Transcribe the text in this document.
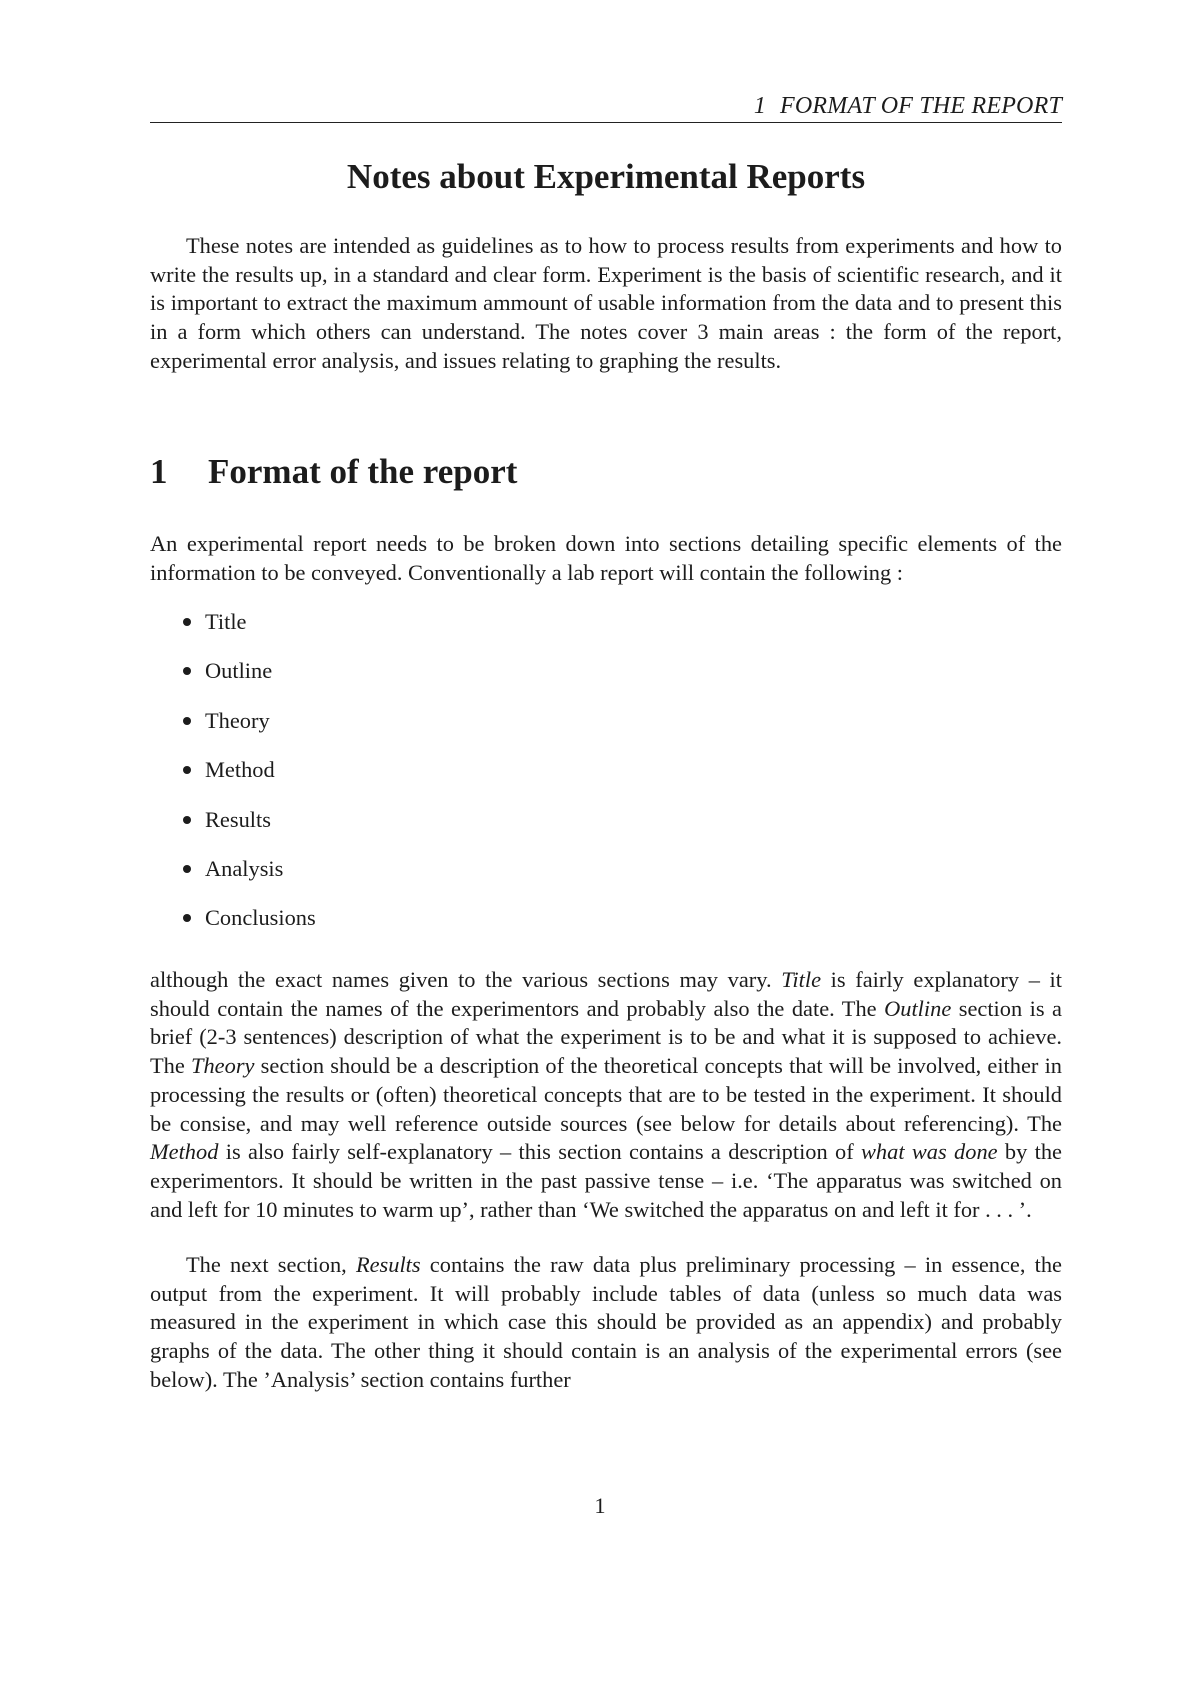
1 FORMAT OF THE REPORT
Notes about Experimental Reports

These notes are intended as guidelines as to how to process results from experiments and how to write the results up, in a standard and clear form. Experiment is the basis of scientific research, and it is important to extract the maximum ammount of usable information from the data and to present this in a form which others can understand. The notes cover 3 main areas : the form of the report, experimental error analysis, and issues relating to graphing the results.

1 Format of the report

An experimental report needs to be broken down into sections detailing specific elements of the information to be conveyed. Conventionally a lab report will contain the following :

Title
Outline
Theory
Method
Results
Analysis
Conclusions

although the exact names given to the various sections may vary. Title is fairly explanatory – it should contain the names of the experimentors and probably also the date. The Outline section is a brief (2-3 sentences) description of what the experiment is to be and what it is supposed to achieve. The Theory section should be a description of the theoretical concepts that will be involved, either in processing the results or (often) theoretical concepts that are to be tested in the experiment. It should be consise, and may well reference outside sources (see below for details about referencing). The Method is also fairly self-explanatory – this section contains a description of what was done by the experimentors. It should be written in the past passive tense – i.e. ‘The apparatus was switched on and left for 10 minutes to warm up’, rather than ‘We switched the apparatus on and left it for . . . ’.

The next section, Results contains the raw data plus preliminary processing – in essence, the output from the experiment. It will probably include tables of data (unless so much data was measured in the experiment in which case this should be provided as an appendix) and probably graphs of the data. The other thing it should contain is an analysis of the experimental errors (see below). The ’Analysis’ section contains further

1
